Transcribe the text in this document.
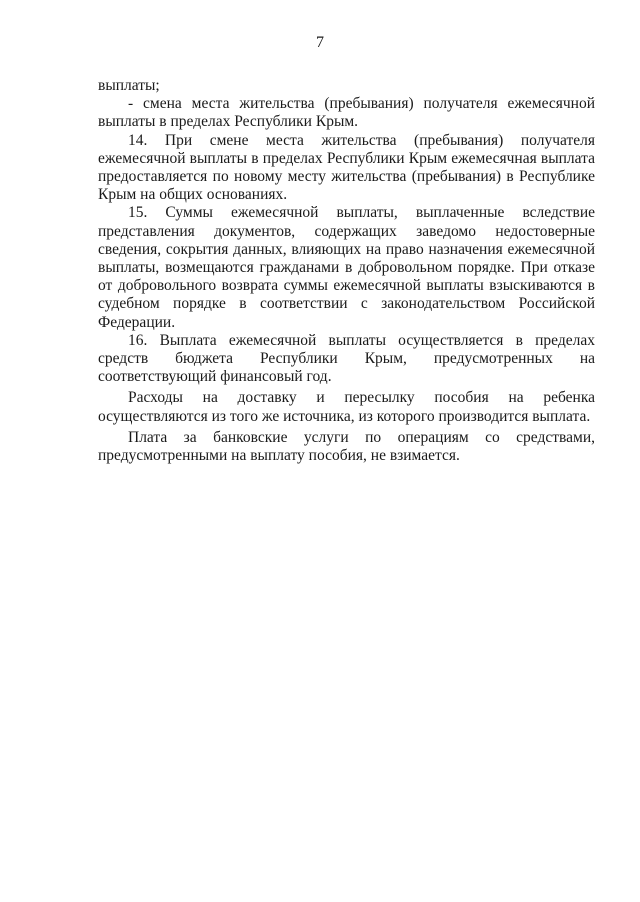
7

выплаты;

- смена места жительства (пребывания) получателя ежемесячной выплаты в пределах Республики Крым.

14. При смене места жительства (пребывания) получателя ежемесячной выплаты в пределах Республики Крым ежемесячная выплата предоставляется по новому месту жительства (пребывания) в Республике Крым на общих основаниях.

15. Суммы ежемесячной выплаты, выплаченные вследствие представления документов, содержащих заведомо недостоверные сведения, сокрытия данных, влияющих на право назначения ежемесячной выплаты, возмещаются гражданами в добровольном порядке. При отказе от добровольного возврата суммы ежемесячной выплаты взыскиваются в судебном порядке в соответствии с законодательством Российской Федерации.

16. Выплата ежемесячной выплаты осуществляется в пределах средств бюджета Республики Крым, предусмотренных на соответствующий финансовый год.

Расходы на доставку и пересылку пособия на ребенка осуществляются из того же источника, из которого производится выплата.

Плата за банковские услуги по операциям со средствами, предусмотренными на выплату пособия, не взимается.
